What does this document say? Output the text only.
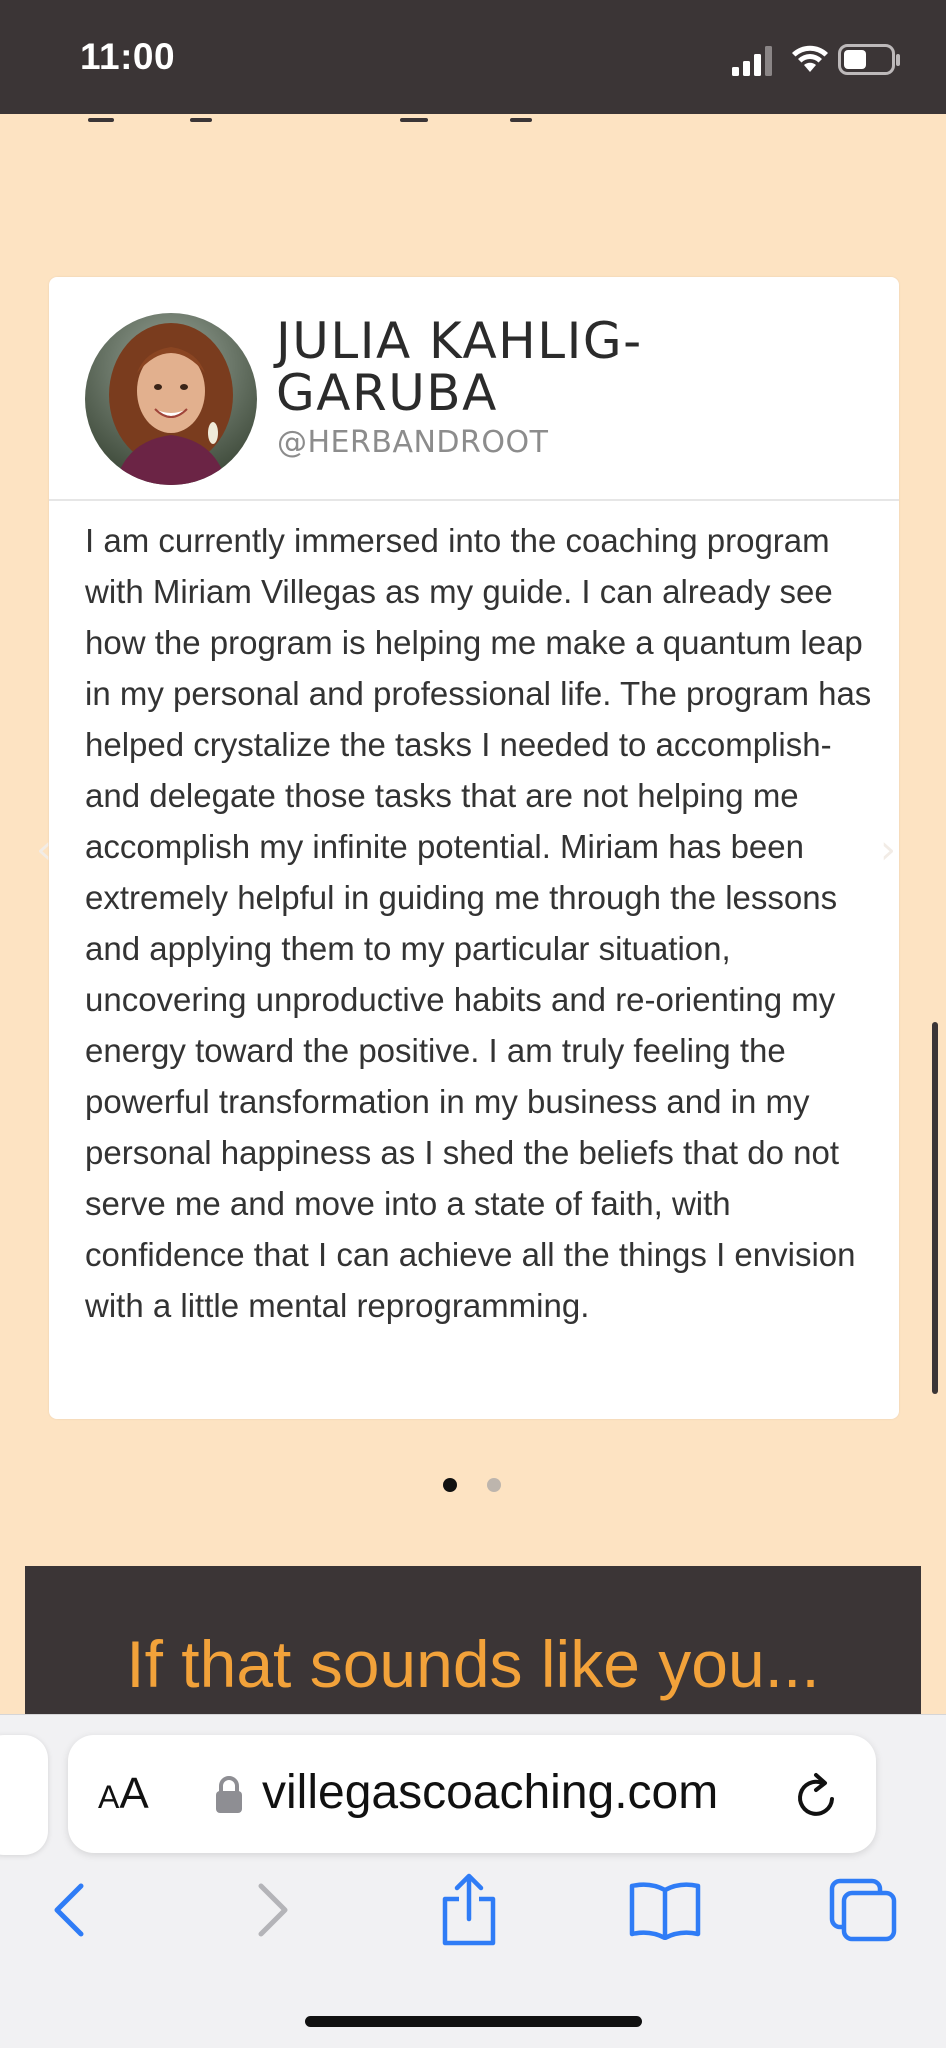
11:00
JULIA KAHLIG-GARUBA
@HERBANDROOT

I am currently immersed into the coaching program with Miriam Villegas as my guide. I can already see how the program is helping me make a quantum leap in my personal and professional life. The program has helped crystalize the tasks I needed to accomplish- and delegate those tasks that are not helping me accomplish my infinite potential. Miriam has been extremely helpful in guiding me through the lessons and applying them to my particular situation, uncovering unproductive habits and re-orienting my energy toward the positive. I am truly feeling the powerful transformation in my business and in my personal happiness as I shed the beliefs that do not serve me and move into a state of faith, with confidence that I can achieve all the things I envision with a little mental reprogramming.

‹	›
If that sounds like you...
AA villegascoaching.com
